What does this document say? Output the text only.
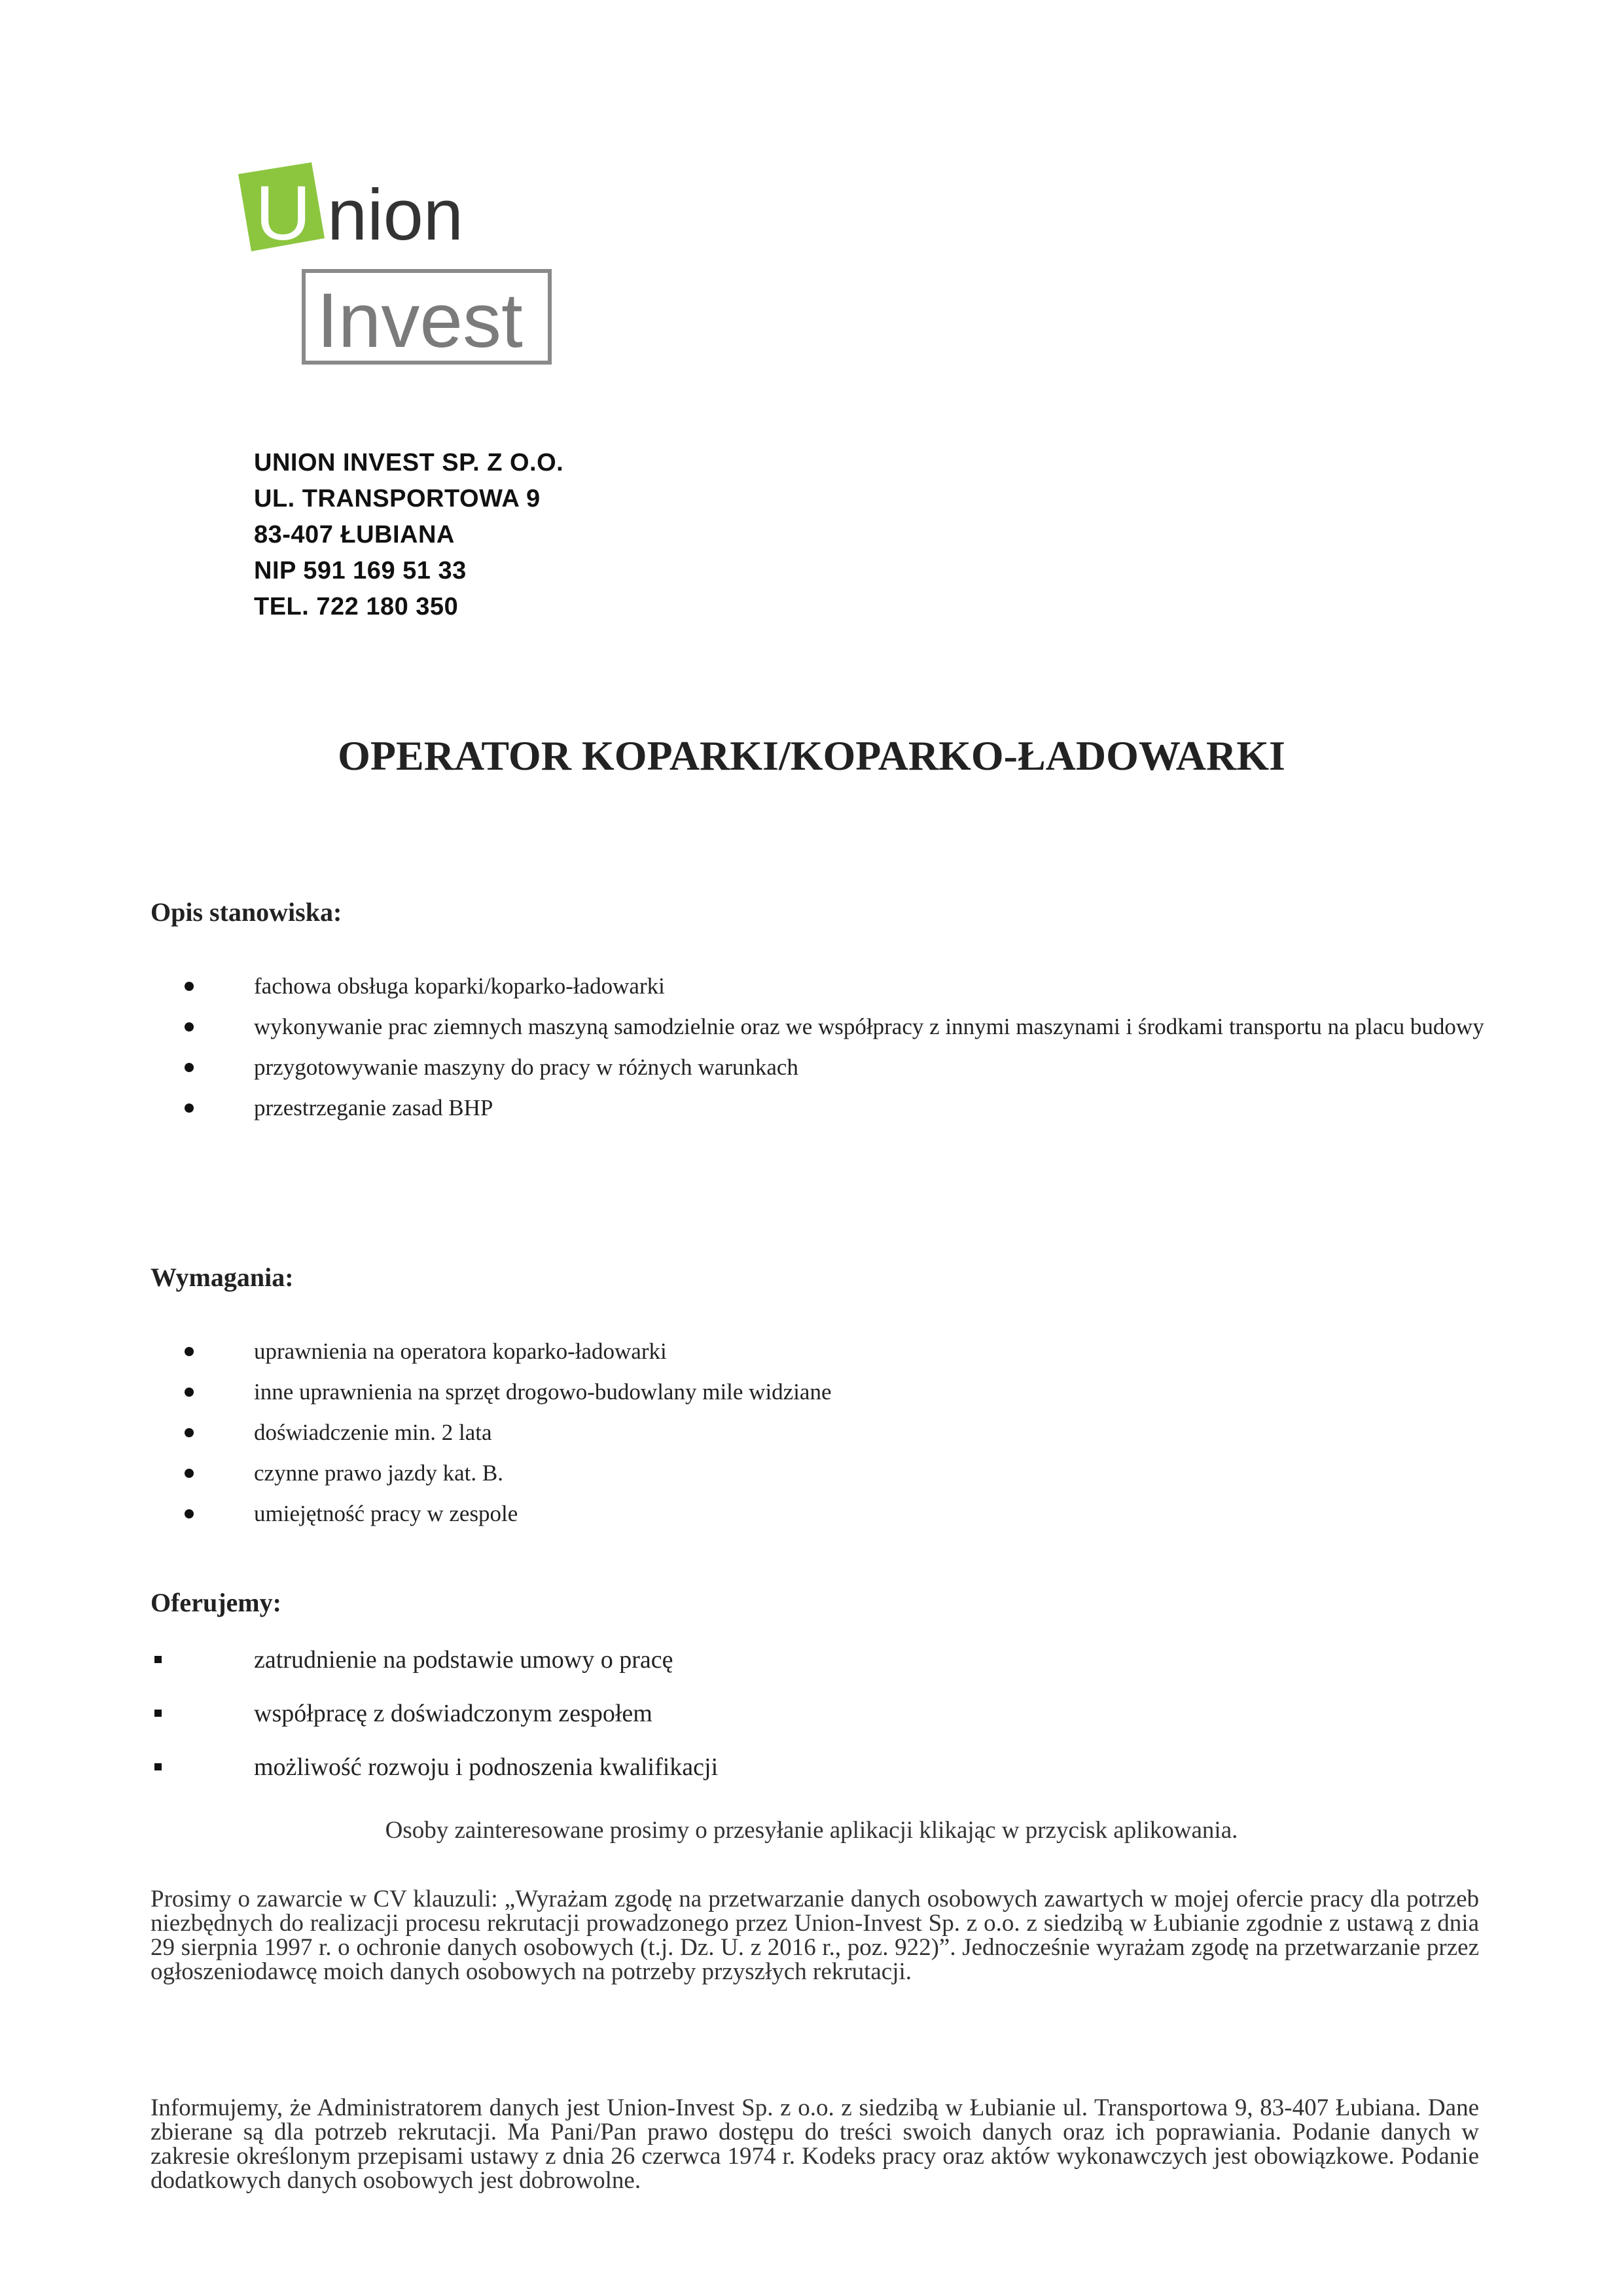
U nion
Invest
UNION INVEST SP. Z O.O.
UL. TRANSPORTOWA 9
83-407 ŁUBIANA
NIP 591 169 51 33
TEL. 722 180 350
OPERATOR KOPARKI/KOPARKO-ŁADOWARKI
Opis stanowiska:
fachowa obsługa koparki/koparko-ładowarki
wykonywanie prac ziemnych maszyną samodzielnie oraz we współpracy z innymi maszynami i środkami transportu na placu budowy
przygotowywanie maszyny do pracy w różnych warunkach
przestrzeganie zasad BHP
Wymagania:
uprawnienia na operatora koparko-ładowarki
inne uprawnienia na sprzęt drogowo-budowlany mile widziane
doświadczenie min. 2 lata
czynne prawo jazdy kat. B.
umiejętność pracy w zespole
Oferujemy:
zatrudnienie na podstawie umowy o pracę
współpracę z doświadczonym zespołem
możliwość rozwoju i podnoszenia kwalifikacji
Osoby zainteresowane prosimy o przesyłanie aplikacji klikając w przycisk aplikowania.

Prosimy o zawarcie w CV klauzuli: „Wyrażam zgodę na przetwarzanie danych osobowych zawartych w mojej ofercie pracy dla potrzeb niezbędnych do realizacji procesu rekrutacji prowadzonego przez Union-Invest Sp. z o.o. z siedzibą w Łubianie zgodnie z ustawą z dnia 29 sierpnia 1997 r. o ochronie danych osobowych (t.j. Dz. U. z 2016 r., poz. 922)”. Jednocześnie wyrażam zgodę na przetwarzanie przez ogłoszeniodawcę moich danych osobowych na potrzeby przyszłych rekrutacji.

Informujemy, że Administratorem danych jest Union-Invest Sp. z o.o. z siedzibą w Łubianie ul. Transportowa 9, 83-407 Łubiana. Dane zbierane są dla potrzeb rekrutacji. Ma Pani/Pan prawo dostępu do treści swoich danych oraz ich poprawiania. Podanie danych w zakresie określonym przepisami ustawy z dnia 26 czerwca 1974 r. Kodeks pracy oraz aktów wykonawczych jest obowiązkowe. Podanie dodatkowych danych osobowych jest dobrowolne.
